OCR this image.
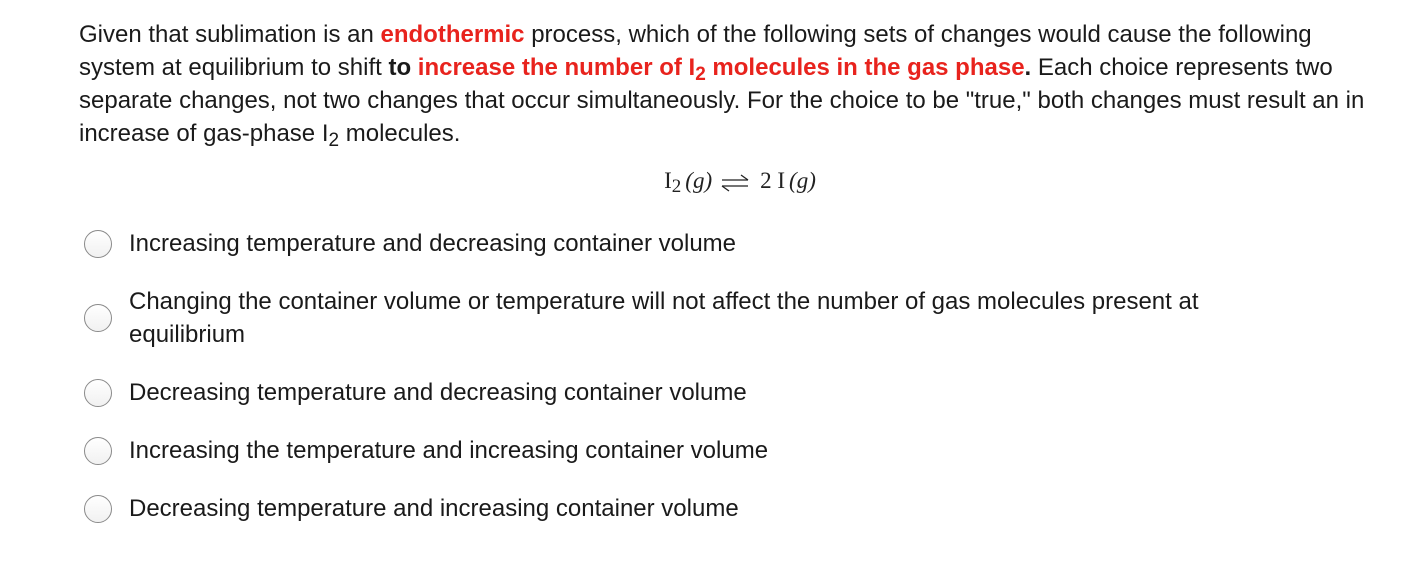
Given that sublimation is an endothermic process, which of the following sets of changes would cause the following system at equilibrium to shift to increase the number of $I_2$ molecules in the gas phase. Each choice represents two separate changes, not two changes that occur simultaneously. For the choice to be "true," both changes must result an in increase of gas-phase $I_2$ molecules.
$I_2$ (g) ⇌ 2 I (g)
Increasing temperature and decreasing container volume
Changing the container volume or temperature will not affect the number of gas molecules present at equilibrium
Decreasing temperature and decreasing container volume
Increasing the temperature and increasing container volume
Decreasing temperature and increasing container volume
